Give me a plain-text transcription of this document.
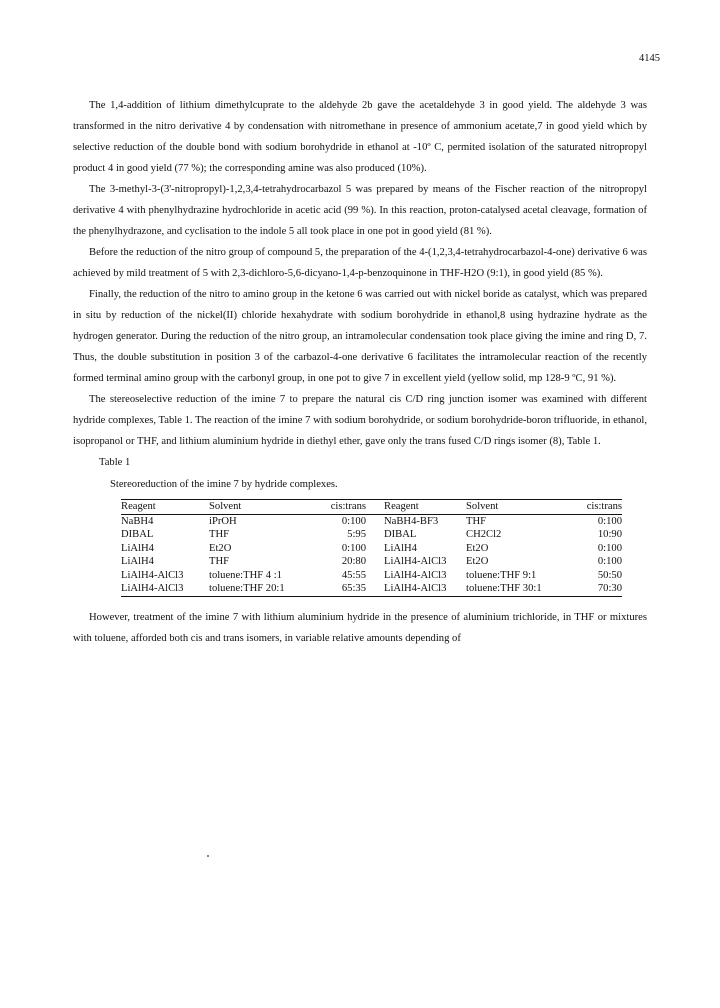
4145

The 1,4-addition of lithium dimethylcuprate to the aldehyde 2b gave the acetaldehyde 3 in good yield. The aldehyde 3 was transformed in the nitro derivative 4 by condensation with nitromethane in presence of ammonium acetate,7 in good yield which by selective reduction of the double bond with sodium borohydride in ethanol at -10º C, permited isolation of the saturated nitropropyl product 4 in good yield (77 %); the corresponding amine was also produced (10%).

The 3-methyl-3-(3'-nitropropyl)-1,2,3,4-tetrahydrocarbazol 5 was prepared by means of the Fischer reaction of the nitropropyl derivative 4 with phenylhydrazine hydrochloride in acetic acid (99 %). In this reaction, proton-catalysed acetal cleavage, formation of the phenylhydrazone, and cyclisation to the indole 5 all took place in one pot in good yield (81 %).

Before the reduction of the nitro group of compound 5, the preparation of the 4-(1,2,3,4-tetrahydrocarbazol-4-one) derivative 6 was achieved by mild treatment of 5 with 2,3-dichloro-5,6-dicyano-1,4-p-benzoquinone in THF-H2O (9:1), in good yield (85 %).

Finally, the reduction of the nitro to amino group in the ketone 6 was carried out with nickel boride as catalyst, which was prepared in situ by reduction of the nickel(II) chloride hexahydrate with sodium borohydride in ethanol,8 using hydrazine hydrate as the hydrogen generator. During the reduction of the nitro group, an intramolecular condensation took place giving the imine and ring D, 7. Thus, the double substitution in position 3 of the carbazol-4-one derivative 6 facilitates the intramolecular reaction of the recently formed terminal amino group with the carbonyl group, in one pot to give 7 in excellent yield (yellow solid, mp 128-9 ºC, 91 %).

The stereoselective reduction of the imine 7 to prepare the natural cis C/D ring junction isomer was examined with different hydride complexes, Table 1. The reaction of the imine 7 with sodium borohydride, or sodium borohydride-boron trifluoride, in ethanol, isopropanol or THF, and lithium aluminium hydride in diethyl ether, gave only the trans fused C/D rings isomer (8), Table 1.

Table 1
Stereoreduction of the imine 7 by hydride complexes.
Reagent	Solvent	cis:trans	Reagent	Solvent	cis:trans
NaBH4	iPrOH	0:100	NaBH4-BF3	THF	0:100
DIBAL	THF	5:95	DIBAL	CH2Cl2	10:90
LiAlH4	Et2O	0:100	LiAlH4	Et2O	0:100
LiAlH4	THF	20:80	LiAlH4-AlCl3	Et2O	0:100
LiAlH4-AlCl3	toluene:THF 4 :1	45:55	LiAlH4-AlCl3	toluene:THF 9:1	50:50
LiAlH4-AlCl3	toluene:THF 20:1	65:35	LiAlH4-AlCl3	toluene:THF 30:1	70:30

However, treatment of the imine 7 with lithium aluminium hydride in the presence of aluminium trichloride, in THF or mixtures with toluene, afforded both cis and trans isomers, in variable relative amounts depending of
